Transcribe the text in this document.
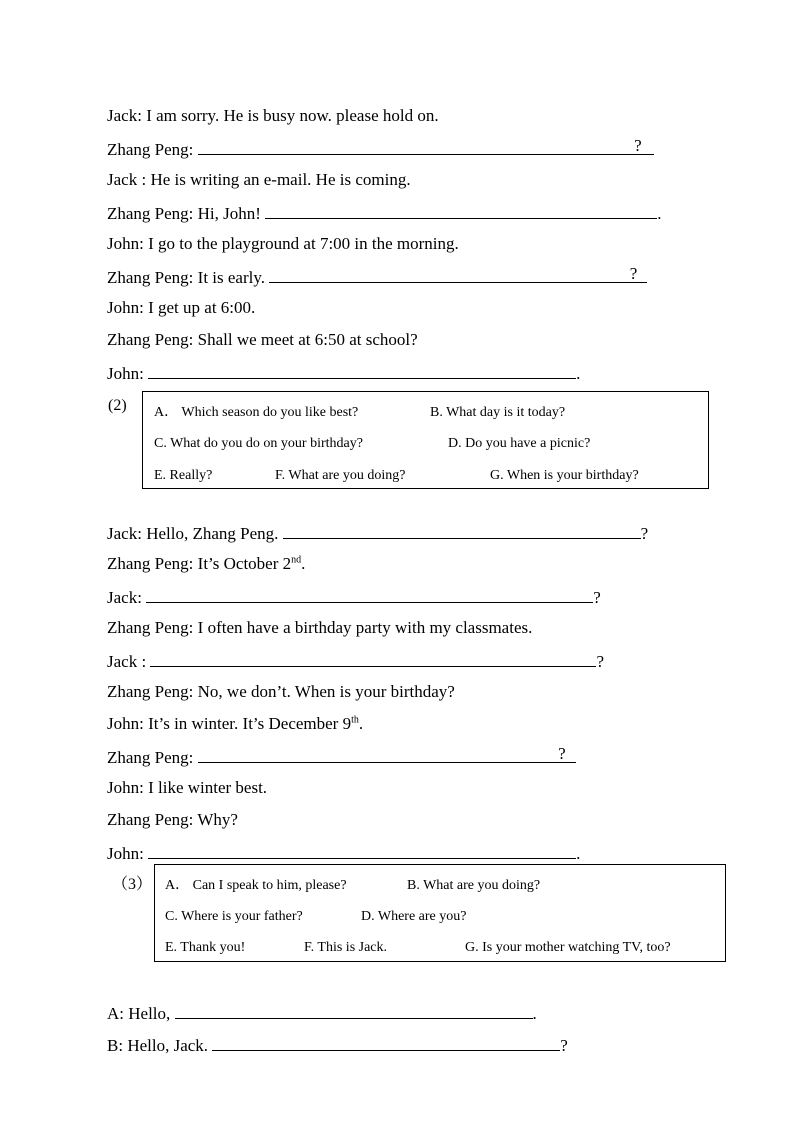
Jack: I am sorry. He is busy now. please hold on.
Zhang Peng:	?
Jack : He is writing an e-mail. He is coming.
Zhang Peng: Hi, John!	.
John: I go to the playground at 7:00 in the morning.
Zhang Peng: It is early.	?
John: I get up at 6:00.
Zhang Peng: Shall we meet at 6:50 at school?
John:	.
(2) A． Which season do you like best?	B. What day is it today?
C. What do you do on your birthday?	D. Do you have a picnic?
E. Really?	F. What are you doing?	G. When is your birthday?
Jack: Hello, Zhang Peng.	?
Zhang Peng: It’s October 2nd.
Jack:	?
Zhang Peng: I often have a birthday party with my classmates.
Jack :	?
Zhang Peng: No, we don’t. When is your birthday?
John: It’s in winter. It’s December 9th.
Zhang Peng:	?
John: I like winter best.
Zhang Peng: Why?
John:	.
（3） A． Can I speak to him, please?	B. What are you doing?
C. Where is your father?	D. Where are you?
E. Thank you!	F. This is Jack.	G. Is your mother watching TV, too?
A: Hello,	.
B: Hello, Jack.	?
